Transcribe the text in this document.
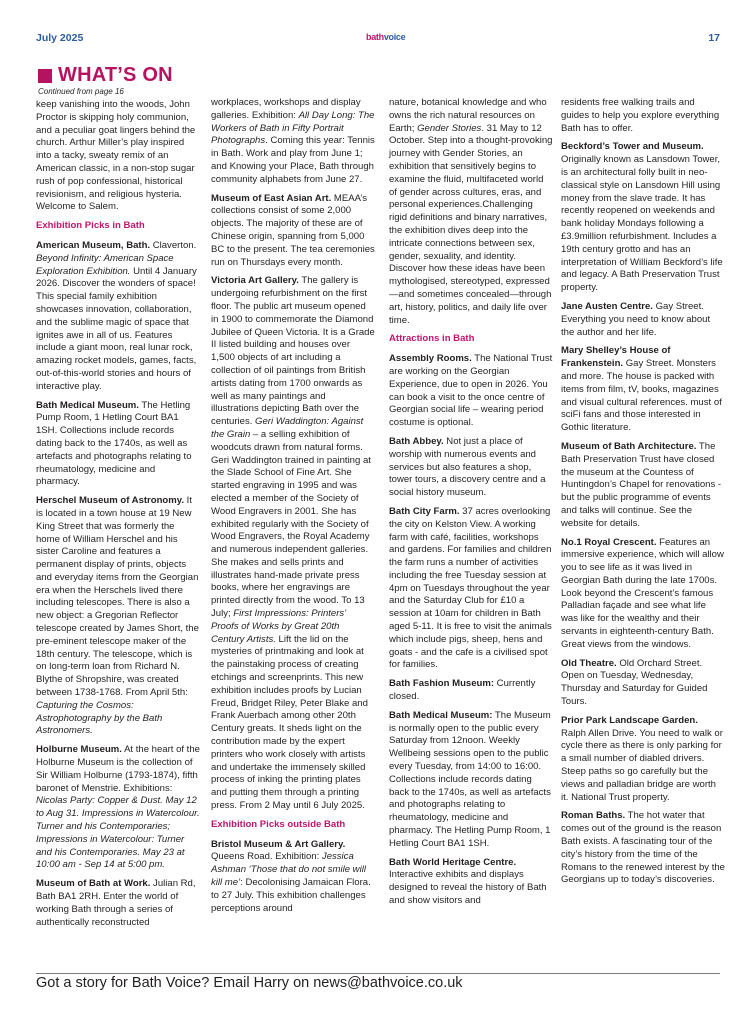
July 2025	bathvoice	17
WHAT’S ON
Continued from page 16

keep vanishing into the woods, John Proctor is skipping holy communion, and a peculiar goat lingers behind the church. Arthur Miller’s play inspired into a tacky, sweaty remix of an American classic, in a non-stop sugar rush of pop confessional, historical revisionism, and religious hysteria. Welcome to Salem.

Exhibition Picks in Bath

American Museum, Bath. Claverton. Beyond Infinity: American Space Exploration Exhibition. Until 4 January 2026. Discover the wonders of space! This special family exhibition showcases innovation, collaboration, and the sublime magic of space that ignites awe in all of us. Features include a giant moon, real lunar rock, amazing rocket models, games, facts, out-of-this-world stories and hours of interactive play.

Bath Medical Museum. The Hetling Pump Room, 1 Hetling Court BA1 1SH. Collections include records dating back to the 1740s, as well as artefacts and photographs relating to rheumatology, medicine and pharmacy.

Herschel Museum of Astronomy. It is located in a town house at 19 New King Street that was formerly the home of William Herschel and his sister Caroline and features a permanent display of prints, objects and everyday items from the Georgian era when the Herschels lived there including telescopes. There is also a new object: a Gregorian Reflector telescope created by James Short, the pre-eminent telescope maker of the 18th century. The telescope, which is on long-term loan from Richard N. Blythe of Shropshire, was created between 1738-1768. From April 5th: Capturing the Cosmos: Astrophotography by the Bath Astronomers.

Holburne Museum. At the heart of the Holburne Museum is the collection of Sir William Holburne (1793-1874), fifth baronet of Menstrie. Exhibitions: Nicolas Party: Copper & Dust. May 12 to Aug 31. Impressions in Watercolour. Turner and his Contemporaries; Impressions in Watercolour: Turner and his Contemporaries. May 23 at 10:00 am - Sep 14 at 5:00 pm.

Museum of Bath at Work. Julian Rd, Bath BA1 2RH. Enter the world of working Bath through a series of authentically reconstructed

workplaces, workshops and display galleries. Exhibition: All Day Long: The Workers of Bath in Fifty Portrait Photographs. Coming this year: Tennis in Bath. Work and play from June 1; and Knowing your Place, Bath through community alphabets from June 27.

Museum of East Asian Art. MEAA’s collections consist of some 2,000 objects. The majority of these are of Chinese origin, spanning from 5,000 BC to the present. The tea ceremonies run on Thursdays every month.

Victoria Art Gallery. The gallery is undergoing refurbishment on the first floor. The public art museum opened in 1900 to commemorate the Diamond Jubilee of Queen Victoria. It is a Grade II listed building and houses over 1,500 objects of art including a collection of oil paintings from British artists dating from 1700 onwards as well as many paintings and illustrations depicting Bath over the centuries. Geri Waddington: Against the Grain – a selling exhibition of woodcuts drawn from natural forms. Geri Waddington trained in painting at the Slade School of Fine Art. She started engraving in 1995 and was elected a member of the Society of Wood Engravers in 2001. She has exhibited regularly with the Society of Wood Engravers, the Royal Academy and numerous independent galleries. She makes and sells prints and illustrates hand-made private press books, where her engravings are printed directly from the wood. To 13 July; First Impressions: Printers’ Proofs of Works by Great 20th Century Artists. Lift the lid on the mysteries of printmaking and look at the painstaking process of creating etchings and screenprints. This new exhibition includes proofs by Lucian Freud, Bridget Riley, Peter Blake and Frank Auerbach among other 20th Century greats. It sheds light on the contribution made by the expert printers who work closely with artists and undertake the immensely skilled process of inking the printing plates and putting them through a printing press. From 2 May until 6 July 2025.

Exhibition Picks outside Bath

Bristol Museum & Art Gallery. Queens Road. Exhibition: Jessica Ashman ‘Those that do not smile will kill me’: Decolonising Jamaican Flora. to 27 July. This exhibition challenges perceptions around

nature, botanical knowledge and who owns the rich natural resources on Earth; Gender Stories. 31 May to 12 October. Step into a thought-provoking journey with Gender Stories, an exhibition that sensitively begins to examine the fluid, multifaceted world of gender across cultures, eras, and personal experiences.Challenging rigid definitions and binary narratives, the exhibition dives deep into the intricate connections between sex, gender, sexuality, and identity. Discover how these ideas have been mythologised, stereotyped, expressed—and sometimes concealed—through art, history, politics, and daily life over time.

Attractions in Bath

Assembly Rooms. The National Trust are working on the Georgian Experience, due to open in 2026. You can book a visit to the once centre of Georgian social life – wearing period costume is optional.

Bath Abbey. Not just a place of worship with numerous events and services but also features a shop, tower tours, a discovery centre and a social history museum.

Bath City Farm. 37 acres overlooking the city on Kelston View. A working farm with café, facilities, workshops and gardens. For families and children the farm runs a number of activities including the free Tuesday session at 4pm on Tuesdays throughout the year and the Saturday Club for £10 a session at 10am for children in Bath aged 5-11. It is free to visit the animals which include pigs, sheep, hens and goats - and the cafe is a civilised spot for families.

Bath Fashion Museum: Currently closed.

Bath Medical Museum: The Museum is normally open to the public every Saturday from 12noon. Weekly Wellbeing sessions open to the public every Tuesday, from 14:00 to 16:00. Collections include records dating back to the 1740s, as well as artefacts and photographs relating to rheumatology, medicine and pharmacy. The Hetling Pump Room, 1 Hetling Court BA1 1SH.

Bath World Heritage Centre. Interactive exhibits and displays designed to reveal the history of Bath and show visitors and

residents free walking trails and guides to help you explore everything Bath has to offer.

Beckford’s Tower and Museum. Originally known as Lansdown Tower, is an architectural folly built in neo-classical style on Lansdown Hill using money from the slave trade. It has recently reopened on weekends and bank holiday Mondays following a £3.9million refurbishment. Includes a 19th century grotto and has an interpretation of William Beckford’s life and legacy. A Bath Preservation Trust property.

Jane Austen Centre. Gay Street. Everything you need to know about the author and her life.

Mary Shelley’s House of Frankenstein. Gay Street. Monsters and more. The house is packed with items from film, tV, books, magazines and visual cultural references. must of sciFi fans and those interested in Gothic literature.

Museum of Bath Architecture. The Bath Preservation Trust have closed the museum at the Countess of Huntingdon’s Chapel for renovations - but the public programme of events and talks will continue. See the website for details.

No.1 Royal Crescent. Features an immersive experience, which will allow you to see life as it was lived in Georgian Bath during the late 1700s. Look beyond the Crescent’s famous Palladian façade and see what life was like for the wealthy and their servants in eighteenth-century Bath. Great views from the windows.

Old Theatre. Old Orchard Street. Open on Tuesday, Wednesday, Thursday and Saturday for Guided Tours.

Prior Park Landscape Garden. Ralph Allen Drive. You need to walk or cycle there as there is only parking for a small number of diabled drivers. Steep paths so go carefully but the views and palladian bridge are worth it. National Trust property.

Roman Baths. The hot water that comes out of the ground is the reason Bath exists. A fascinating tour of the city’s history from the time of the Romans to the renewed interest by the Georgians up to today’s discoveries.

Got a story for Bath Voice? Email Harry on news@bathvoice.co.uk
